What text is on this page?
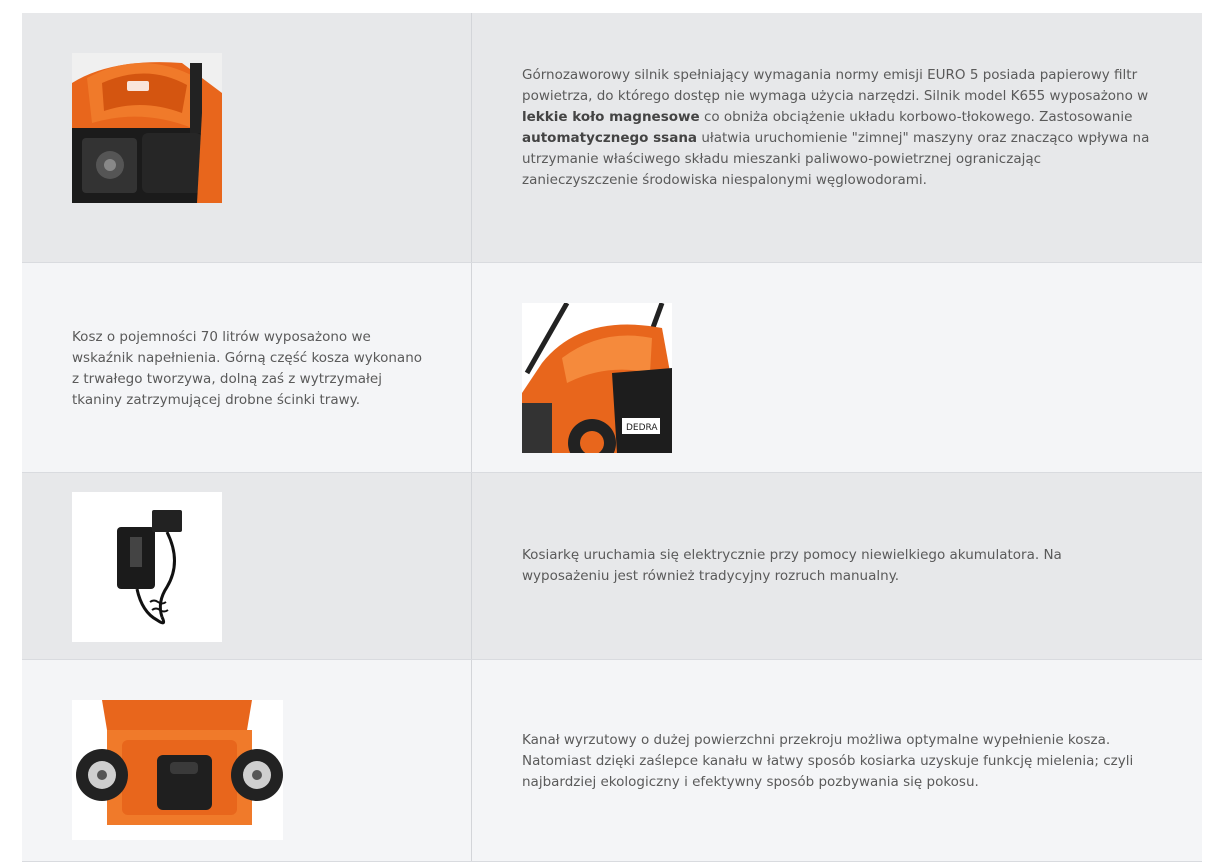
Górnozaworowy silnik spełniający wymagania normy emisji EURO 5 posiada papierowy filtr powietrza, do którego dostęp nie wymaga użycia narzędzi. Silnik model K655 wyposażono w lekkie koło magnesowe co obniża obciążenie układu korbowo-tłokowego. Zastosowanie automatycznego ssana ułatwia uruchomienie "zimnej" maszyny oraz znacząco wpływa na utrzymanie właściwego składu mieszanki paliwowo-powietrznej ograniczając zanieczyszczenie środowiska niespalonymi węglowodorami.
Kosz o pojemności 70 litrów wyposażono we wskaźnik napełnienia. Górną część kosza wykonano z trwałego tworzywa, dolną zaś z wytrzymałej tkaniny zatrzymującej drobne ścinki trawy.
DEDRA
Kosiarkę uruchamia się elektrycznie przy pomocy niewielkiego akumulatora. Na wyposażeniu jest również tradycyjny rozruch manualny.
Kanał wyrzutowy o dużej powierzchni przekroju możliwa optymalne wypełnienie kosza. Natomiast dzięki zaślepce kanału w łatwy sposób kosiarka uzyskuje funkcję mielenia; czyli najbardziej ekologiczny i efektywny sposób pozbywania się pokosu.
